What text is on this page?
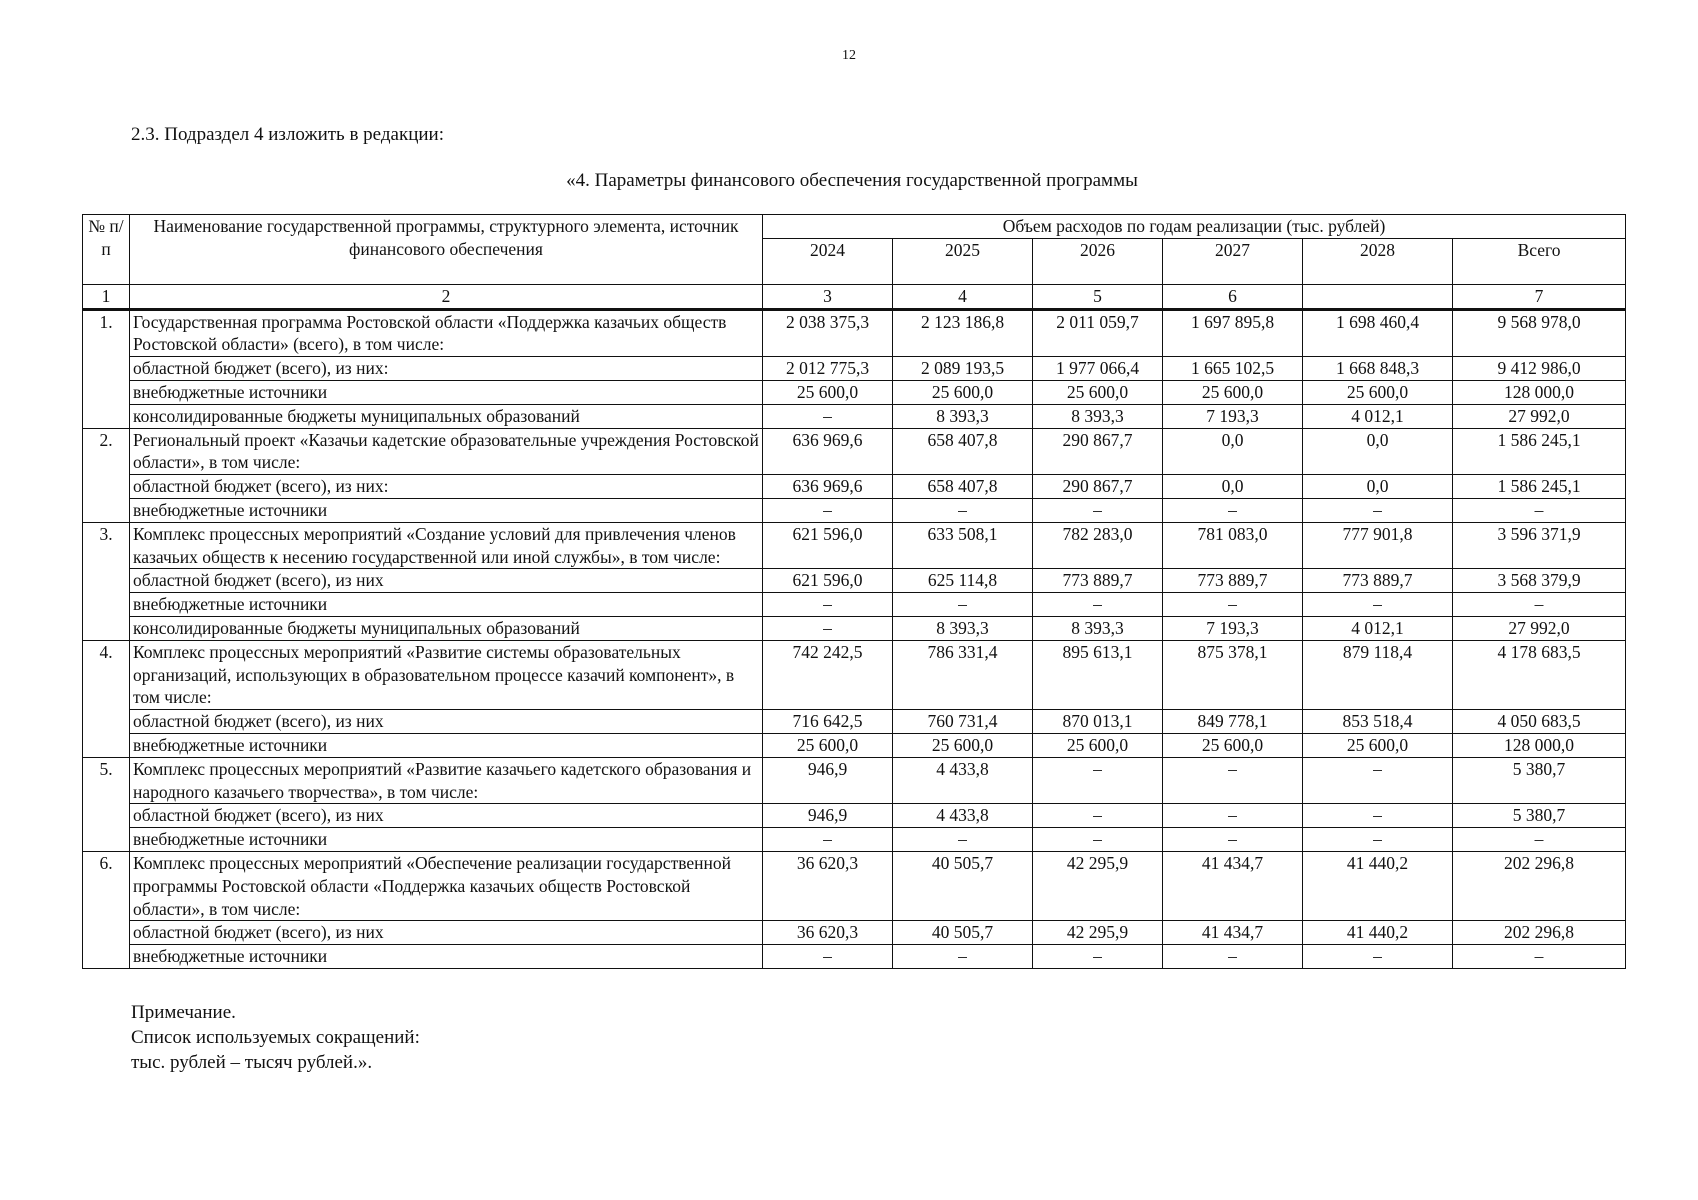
12
2.3. Подраздел 4 изложить в редакции:
«4. Параметры финансового обеспечения государственной программы
№ п/п	Наименование государственной программы, структурного элемента, источник финансового обеспечения	Объем расходов по годам реализации (тыс. рублей)					
		2024	2025	2026	2027	2028	Всего
1	2	3	4	5	6		7
1.	Государственная программа Ростовской области «Поддержка казачьих обществ Ростовской области» (всего), в том числе:	2 038 375,3	2 123 186,8	2 011 059,7	1 697 895,8	1 698 460,4	9 568 978,0
	областной бюджет (всего), из них:	2 012 775,3	2 089 193,5	1 977 066,4	1 665 102,5	1 668 848,3	9 412 986,0
	внебюджетные источники	25 600,0	25 600,0	25 600,0	25 600,0	25 600,0	128 000,0
	консолидированные бюджеты муниципальных образований	–	8 393,3	8 393,3	7 193,3	4 012,1	27 992,0
2.	Региональный проект «Казачьи кадетские образовательные учреждения Ростовской области», в том числе:	636 969,6	658 407,8	290 867,7	0,0	0,0	1 586 245,1
	областной бюджет (всего), из них:	636 969,6	658 407,8	290 867,7	0,0	0,0	1 586 245,1
	внебюджетные источники	–	–	–	–	–	–
3.	Комплекс процессных мероприятий «Создание условий для привлечения членов казачьих обществ к несению государственной или иной службы», в том числе:	621 596,0	633 508,1	782 283,0	781 083,0	777 901,8	3 596 371,9
	областной бюджет (всего), из них	621 596,0	625 114,8	773 889,7	773 889,7	773 889,7	3 568 379,9
	внебюджетные источники	–	–	–	–	–	–
	консолидированные бюджеты муниципальных образований	–	8 393,3	8 393,3	7 193,3	4 012,1	27 992,0
4.	Комплекс процессных мероприятий «Развитие системы образовательных организаций, использующих в образовательном процессе казачий компонент», в том числе:	742 242,5	786 331,4	895 613,1	875 378,1	879 118,4	4 178 683,5
	областной бюджет (всего), из них	716 642,5	760 731,4	870 013,1	849 778,1	853 518,4	4 050 683,5
	внебюджетные источники	25 600,0	25 600,0	25 600,0	25 600,0	25 600,0	128 000,0
5.	Комплекс процессных мероприятий «Развитие казачьего кадетского образования и народного казачьего творчества», в том числе:	946,9	4 433,8	–	–	–	5 380,7
	областной бюджет (всего), из них	946,9	4 433,8	–	–	–	5 380,7
	внебюджетные источники	–	–	–	–	–	–
6.	Комплекс процессных мероприятий «Обеспечение реализации государственной программы Ростовской области «Поддержка казачьих обществ Ростовской области», в том числе:	36 620,3	40 505,7	42 295,9	41 434,7	41 440,2	202 296,8
	областной бюджет (всего), из них	36 620,3	40 505,7	42 295,9	41 434,7	41 440,2	202 296,8
	внебюджетные источники	–	–	–	–	–	–
Примечание.
Список используемых сокращений:
тыс. рублей – тысяч рублей.».
